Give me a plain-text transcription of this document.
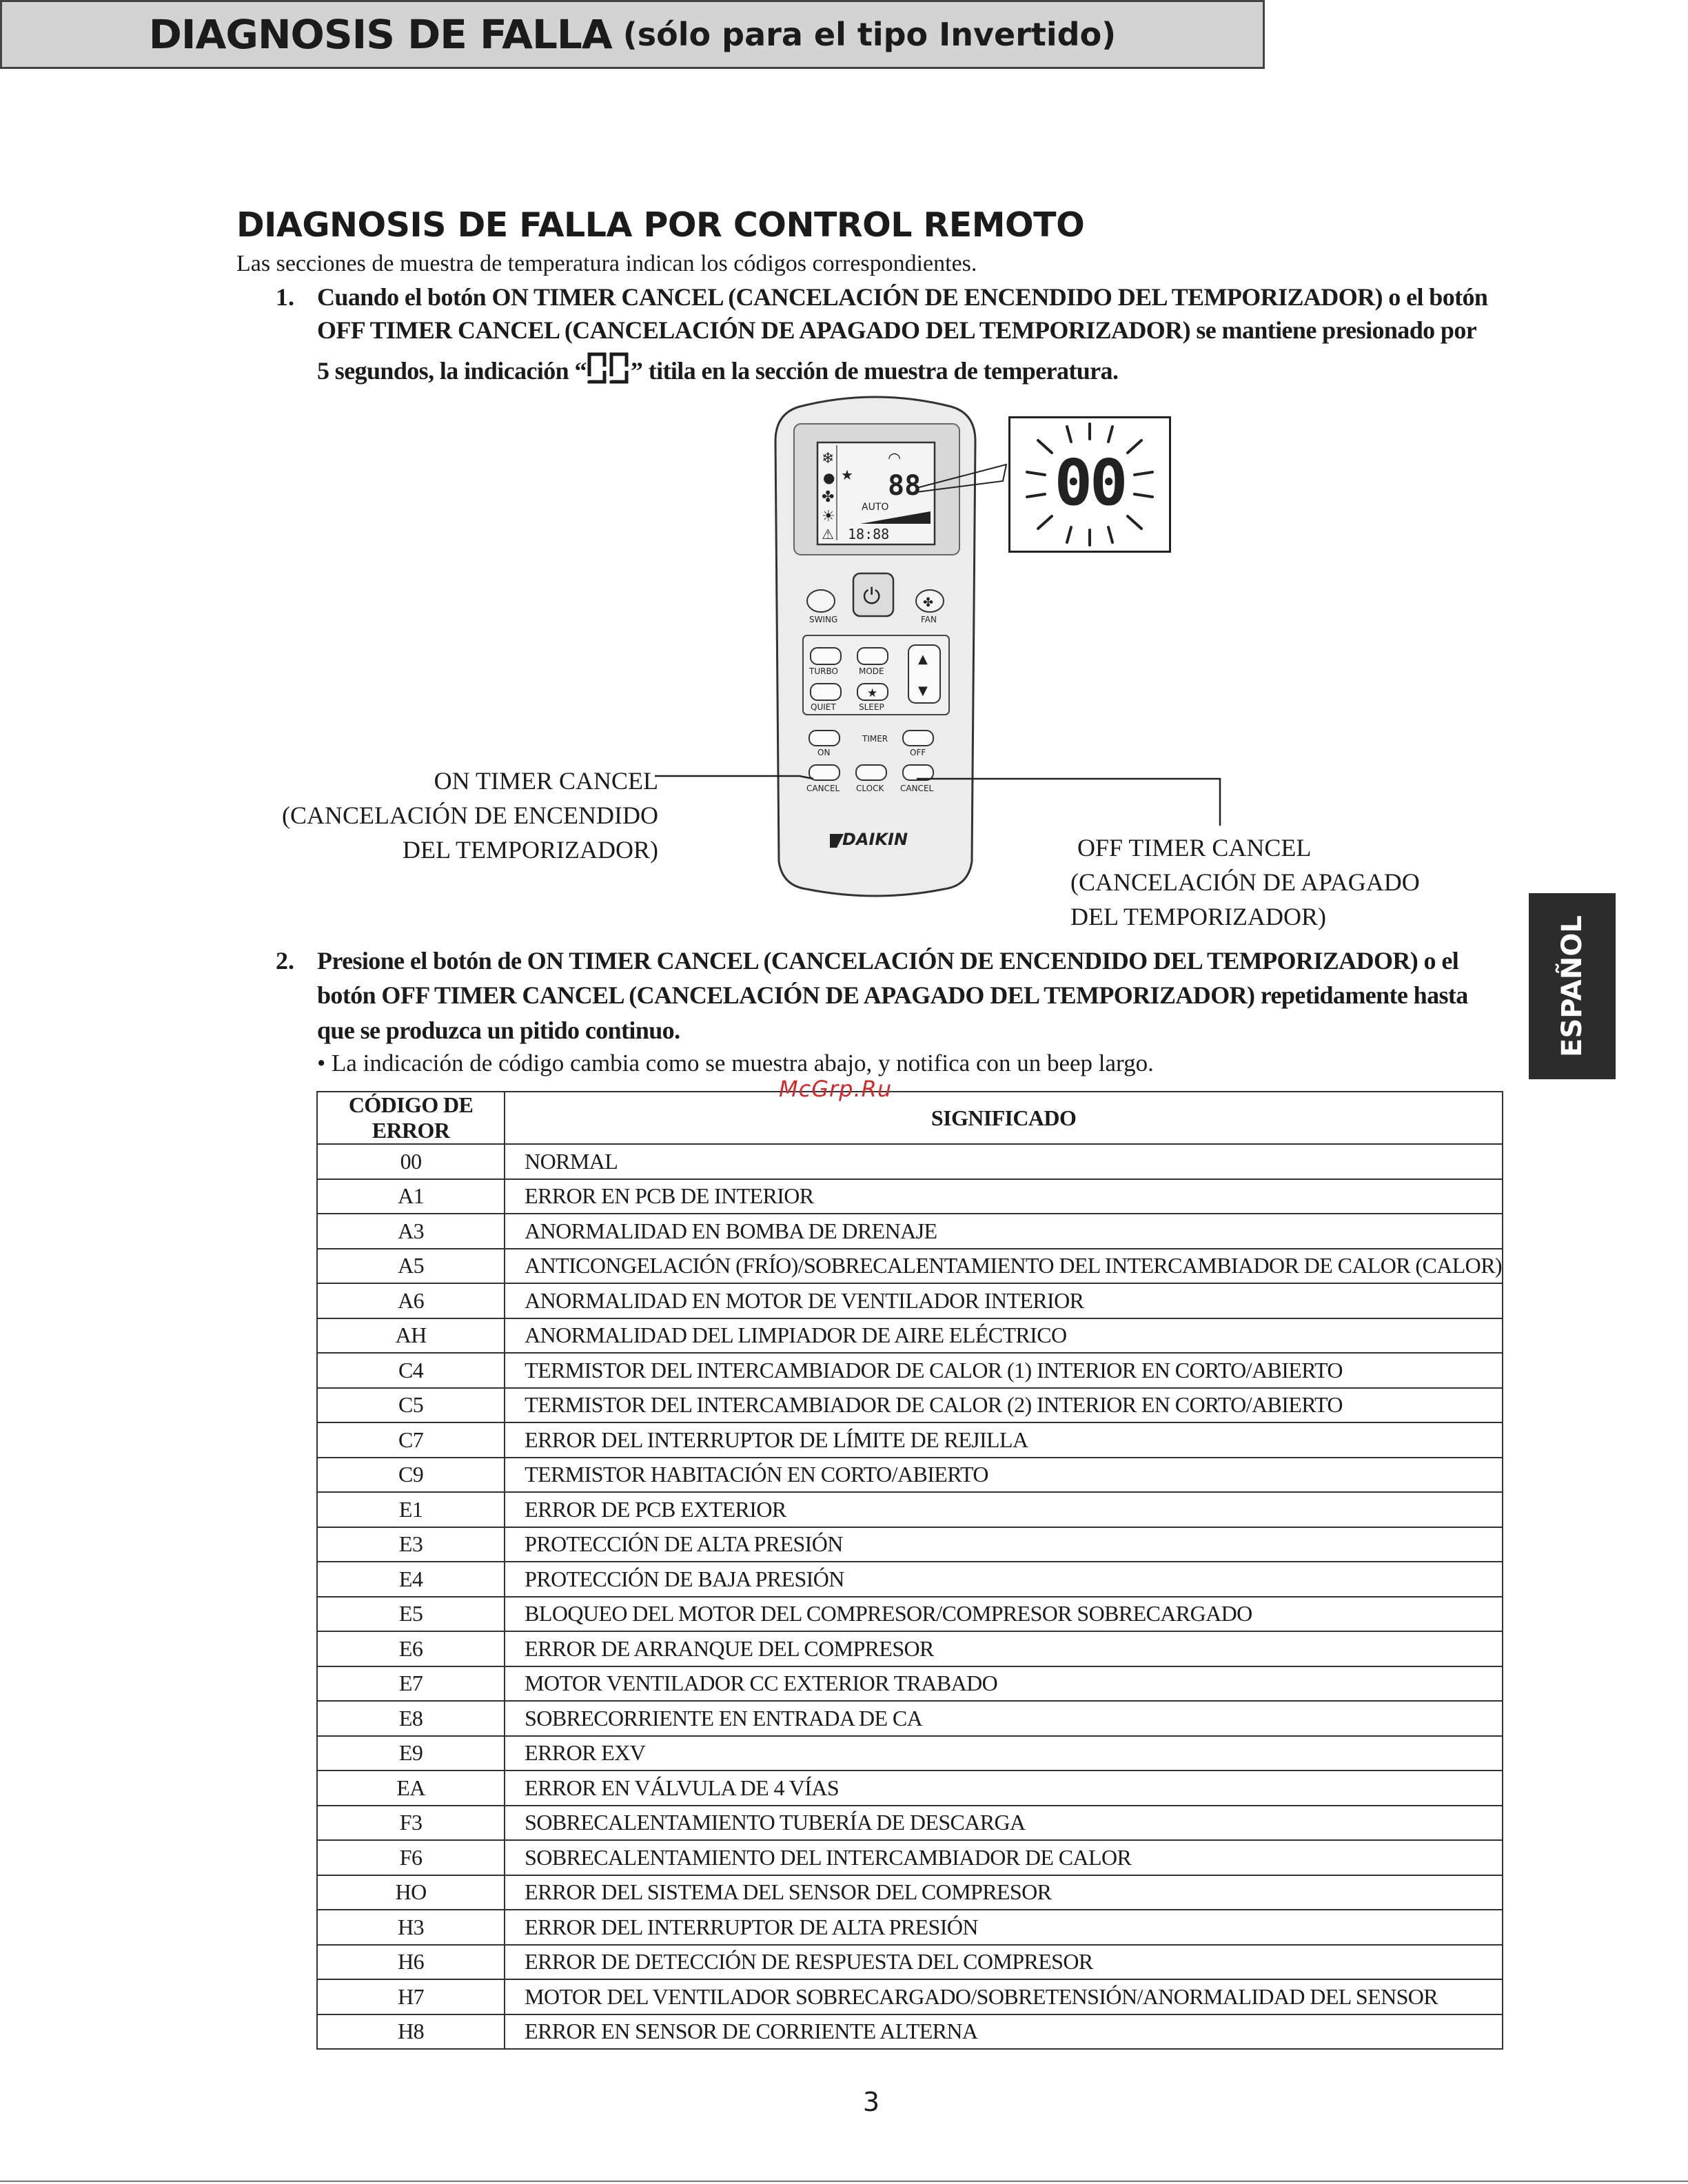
DIAGNOSIS DE FALLA (sólo para el tipo Invertido)
DIAGNOSIS DE FALLA POR CONTROL REMOTO
Las secciones de muestra de temperatura indican los códigos correspondientes.
1. Cuando el botón ON TIMER CANCEL (CANCELACIÓN DE ENCENDIDO DEL TEMPORIZADOR) o el botón
OFF TIMER CANCEL (CANCELACIÓN DE APAGADO DEL TEMPORIZADOR) se mantiene presionado por
5 segundos, la indicación “ ” titila en la sección de muestra de temperatura.
❄
●
✤
☀
⚠
★
◠
88
AUTO
18:88
⏻
SWING
✤
FAN
TURBO	MODE
QUIET
★
SLEEP
▲
▼
ON
TIMER
OFF
CANCEL CLOCK CANCEL
DAIKIN
00
ON TIMER CANCEL
(CANCELACIÓN DE ENCENDIDO
DEL TEMPORIZADOR)	OFF TIMER CANCEL
(CANCELACIÓN DE APAGADO
DEL TEMPORIZADOR)
2. Presione el botón de ON TIMER CANCEL (CANCELACIÓN DE ENCENDIDO DEL TEMPORIZADOR) o el
botón OFF TIMER CANCEL (CANCELACIÓN DE APAGADO DEL TEMPORIZADOR) repetidamente hasta
que se produzca un pitido continuo.
• La indicación de código cambia como se muestra abajo, y notifica con un beep largo.
CÓDIGO DE ERROR	SIGNIFICADO
00	NORMAL
A1	ERROR EN PCB DE INTERIOR
A3	ANORMALIDAD EN BOMBA DE DRENAJE
A5	ANTICONGELACIÓN (FRÍO)/SOBRECALENTAMIENTO DEL INTERCAMBIADOR DE CALOR (CALOR)
A6	ANORMALIDAD EN MOTOR DE VENTILADOR INTERIOR
AH	ANORMALIDAD DEL LIMPIADOR DE AIRE ELÉCTRICO
C4	TERMISTOR DEL INTERCAMBIADOR DE CALOR (1) INTERIOR EN CORTO/ABIERTO
C5	TERMISTOR DEL INTERCAMBIADOR DE CALOR (2) INTERIOR EN CORTO/ABIERTO
C7	ERROR DEL INTERRUPTOR DE LÍMITE DE REJILLA
C9	TERMISTOR HABITACIÓN EN CORTO/ABIERTO
E1	ERROR DE PCB EXTERIOR
E3	PROTECCIÓN DE ALTA PRESIÓN
E4	PROTECCIÓN DE BAJA PRESIÓN
E5	BLOQUEO DEL MOTOR DEL COMPRESOR/COMPRESOR SOBRECARGADO
E6	ERROR DE ARRANQUE DEL COMPRESOR
E7	MOTOR VENTILADOR CC EXTERIOR TRABADO
E8	SOBRECORRIENTE EN ENTRADA DE CA
E9	ERROR EXV
EA	ERROR EN VÁLVULA DE 4 VÍAS
F3	SOBRECALENTAMIENTO TUBERÍA DE DESCARGA
F6	SOBRECALENTAMIENTO DEL INTERCAMBIADOR DE CALOR
HO	ERROR DEL SISTEMA DEL SENSOR DEL COMPRESOR
H3	ERROR DEL INTERRUPTOR DE ALTA PRESIÓN
H6	ERROR DE DETECCIÓN DE RESPUESTA DEL COMPRESOR
H7	MOTOR DEL VENTILADOR SOBRECARGADO/SOBRETENSIÓN/ANORMALIDAD DEL SENSOR
H8	ERROR EN SENSOR DE CORRIENTE ALTERNA
McGrp.Ru
ESPAÑOL
3
